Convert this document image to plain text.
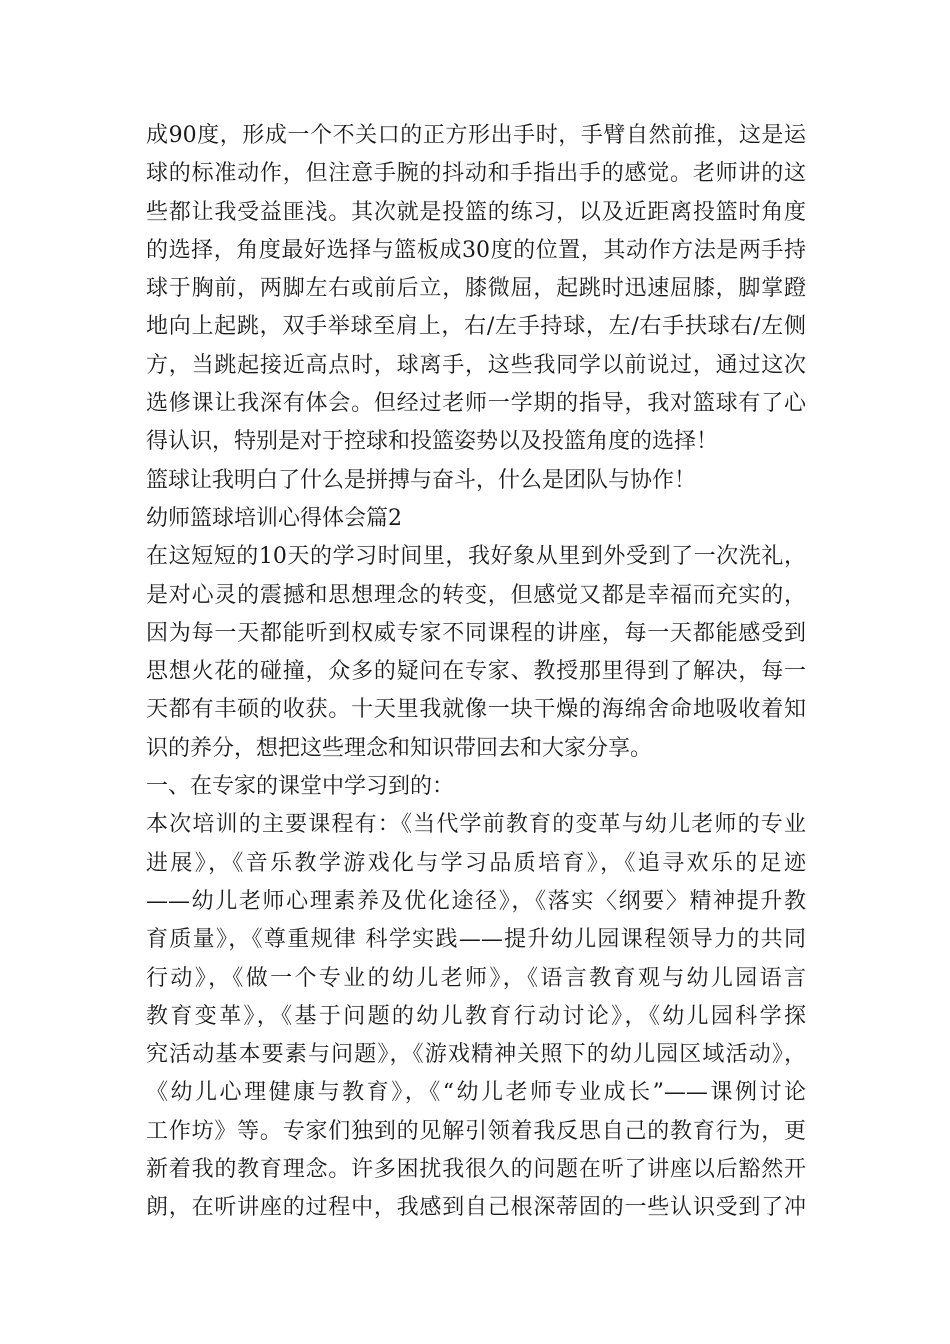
成90度，形成一个不关口的正方形出手时，手臂自然前推，这是运
球的标准动作，但注意手腕的抖动和手指出手的感觉。老师讲的这
些都让我受益匪浅。其次就是投篮的练习，以及近距离投篮时角度
的选择，角度最好选择与篮板成30度的位置，其动作方法是两手持
球于胸前，两脚左右或前后立，膝微屈，起跳时迅速屈膝，脚掌蹬
地向上起跳，双手举球至肩上，右/左手持球，左/右手扶球右/左侧
方，当跳起接近高点时，球离手，这些我同学以前说过，通过这次
选修课让我深有体会。但经过老师一学期的指导，我对篮球有了心
得认识，特别是对于控球和投篮姿势以及投篮角度的选择！
篮球让我明白了什么是拼搏与奋斗，什么是团队与协作！
幼师篮球培训心得体会篇2
在这短短的10天的学习时间里，我好象从里到外受到了一次洗礼，
是对心灵的震撼和思想理念的转变，但感觉又都是幸福而充实的，
因为每一天都能听到权威专家不同课程的讲座，每一天都能感受到
思想火花的碰撞，众多的疑问在专家、教授那里得到了解决，每一
天都有丰硕的收获。十天里我就像一块干燥的海绵舍命地吸收着知
识的养分，想把这些理念和知识带回去和大家分享。
一、在专家的课堂中学习到的：
本次培训的主要课程有：《当代学前教育的变革与幼儿老师的专业
进展》，《音乐教学游戏化与学习品质培育》，《追寻欢乐的足迹
——幼儿老师心理素养及优化途径》，《落实〈纲要〉精神提升教
育质量》，《尊重规律 科学实践——提升幼儿园课程领导力的共同
行动》，《做一个专业的幼儿老师》，《语言教育观与幼儿园语言
教育变革》，《基于问题的幼儿教育行动讨论》，《幼儿园科学探
究活动基本要素与问题》，《游戏精神关照下的幼儿园区域活动》，
《幼儿心理健康与教育》，《“幼儿老师专业成长”——课例讨论
工作坊》等。专家们独到的见解引领着我反思自己的教育行为，更
新着我的教育理念。许多困扰我很久的问题在听了讲座以后豁然开
朗，在听讲座的过程中，我感到自己根深蒂固的一些认识受到了冲
